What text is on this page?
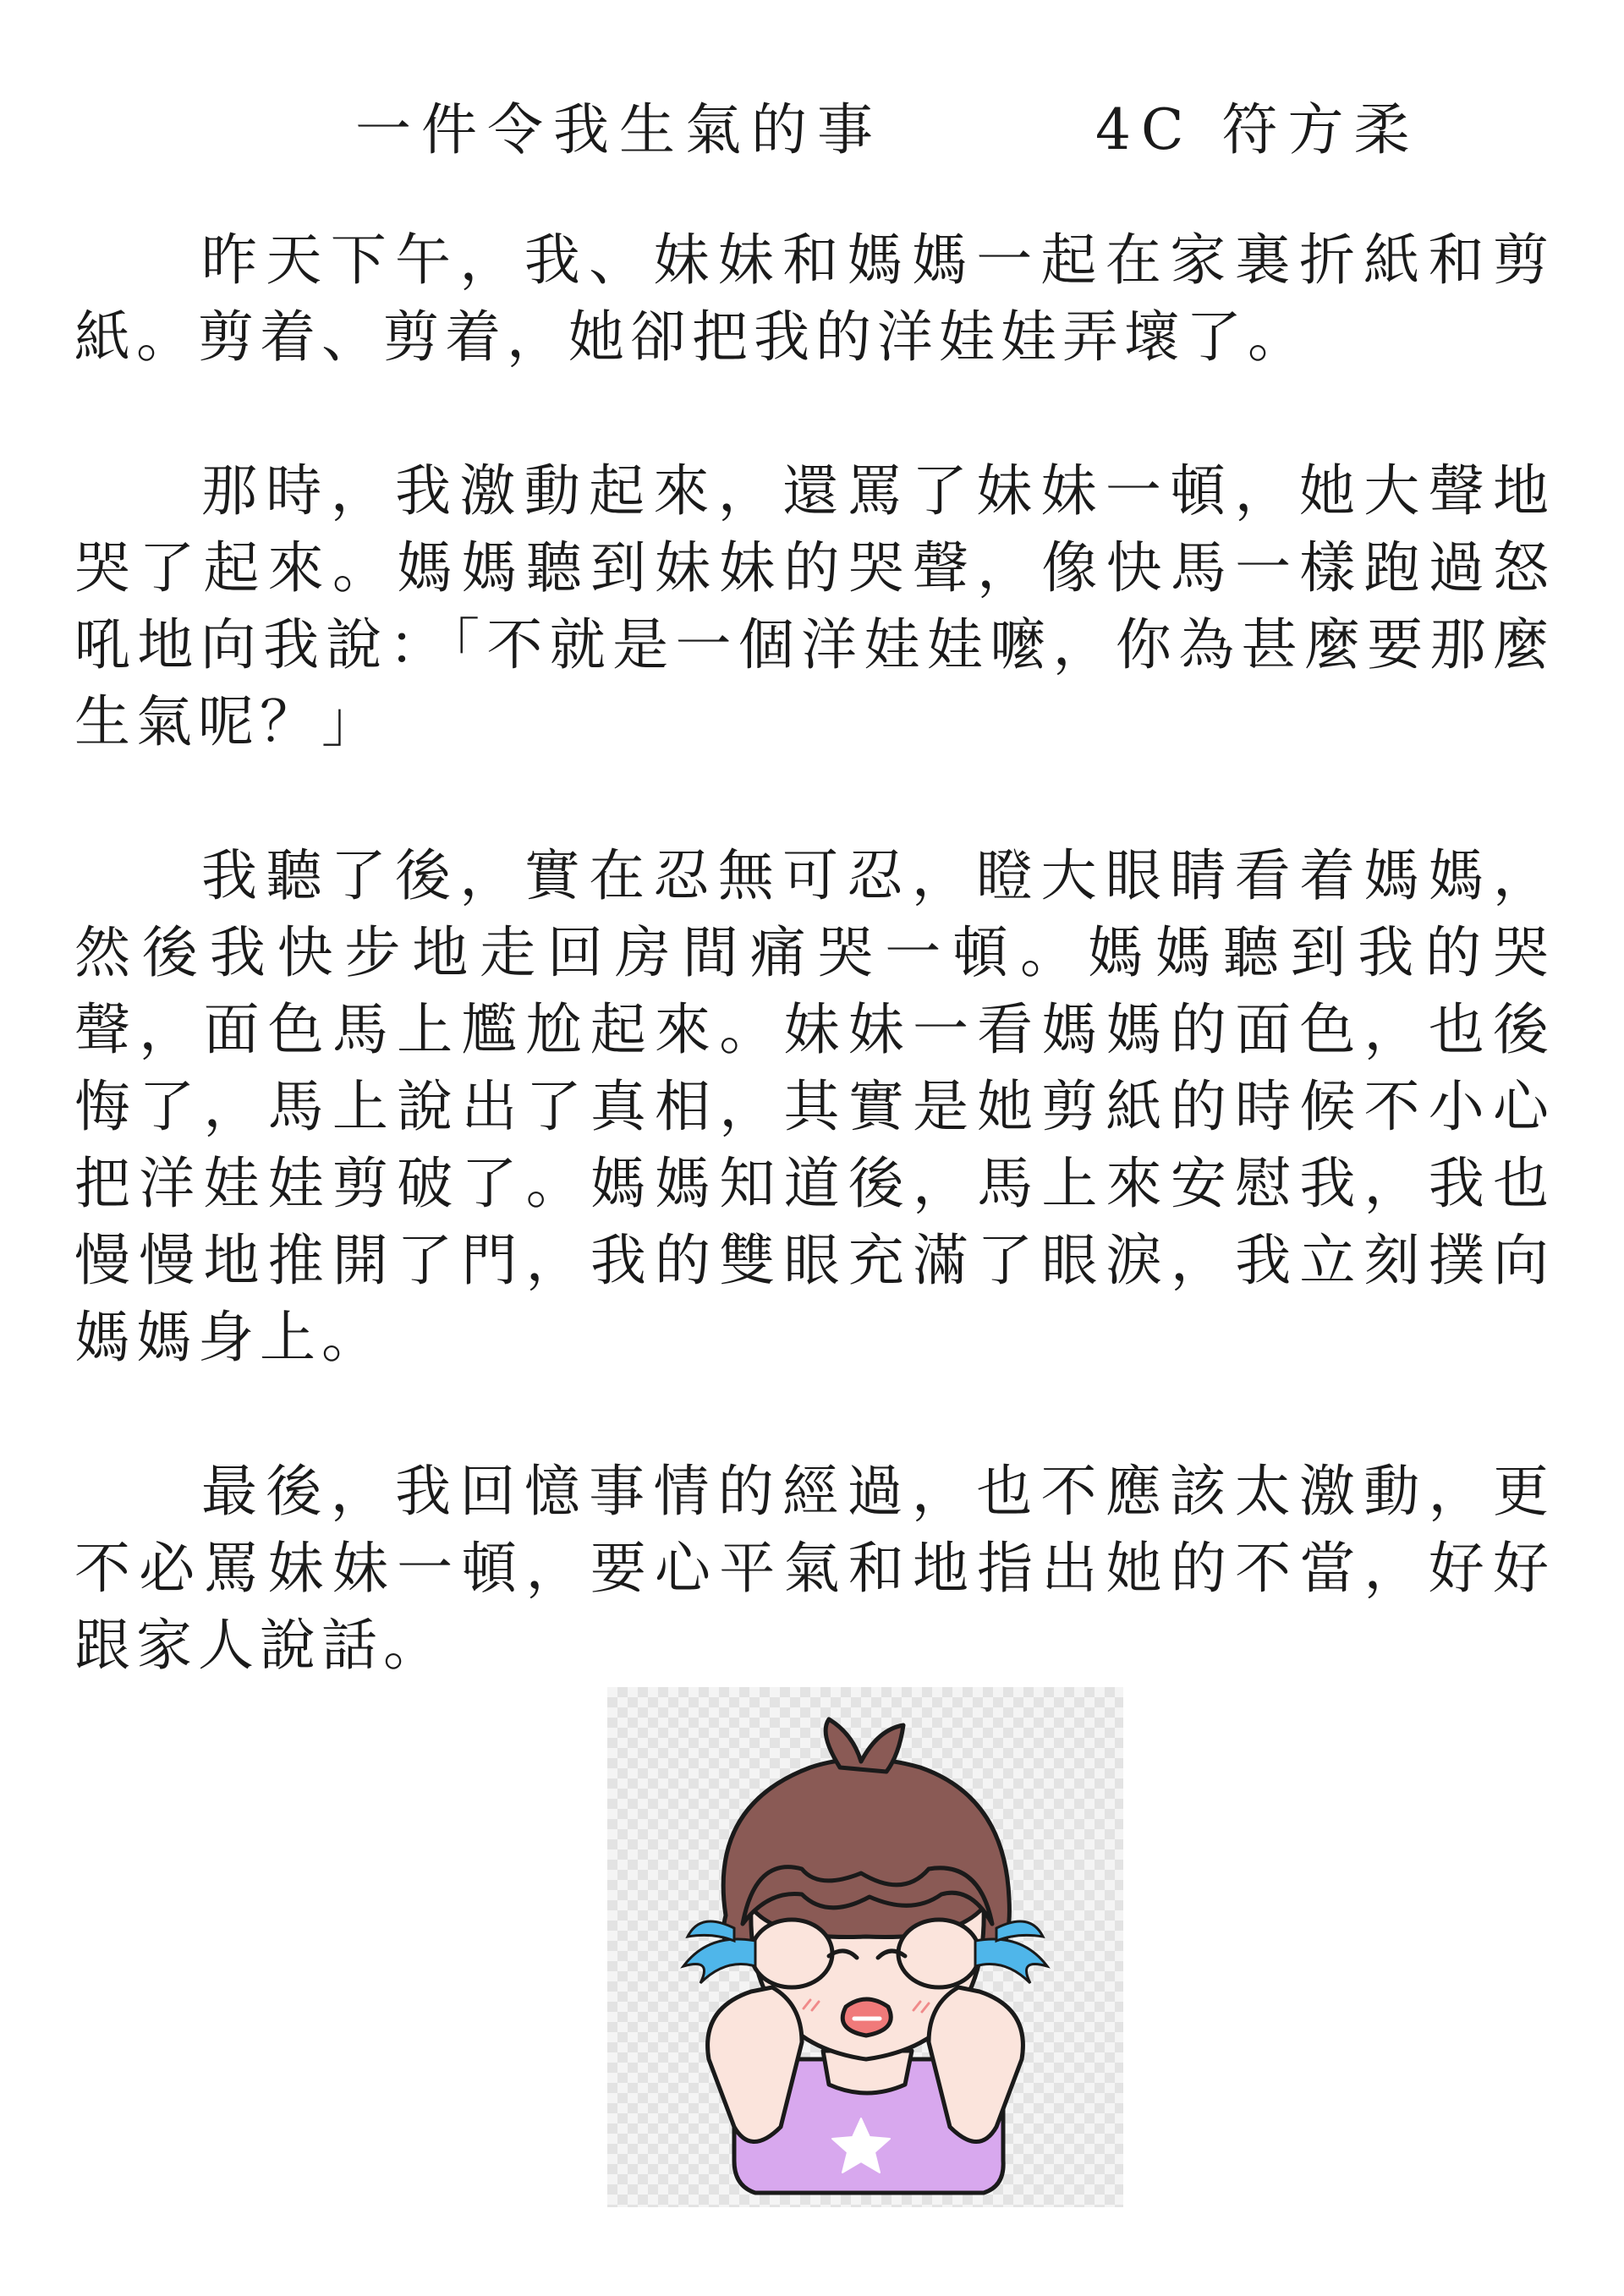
一件令我生氣的事	4C 符方柔

昨天下午，我、妹妹和媽媽一起在家裏折紙和剪紙。剪着、剪着，她卻把我的洋娃娃弄壞了。

那時，我激動起來，還罵了妹妹一頓，她大聲地哭了起來。媽媽聽到妹妹的哭聲，像快馬一樣跑過怒吼地向我說：「不就是一個洋娃娃嚒，你為甚麼要那麼生氣呢？」

我聽了後，實在忍無可忍，瞪大眼睛看着媽媽，然後我快步地走回房間痛哭一頓。媽媽聽到我的哭聲，面色馬上尷尬起來。妹妹一看媽媽的面色，也後悔了，馬上說出了真相，其實是她剪紙的時候不小心把洋娃娃剪破了。媽媽知道後，馬上來安慰我，我也慢慢地推開了門，我的雙眼充滿了眼淚，我立刻撲向媽媽身上。

最後，我回憶事情的經過，也不應該太激動，更不必罵妹妹一頓，要心平氣和地指出她的不當，好好跟家人說話。
